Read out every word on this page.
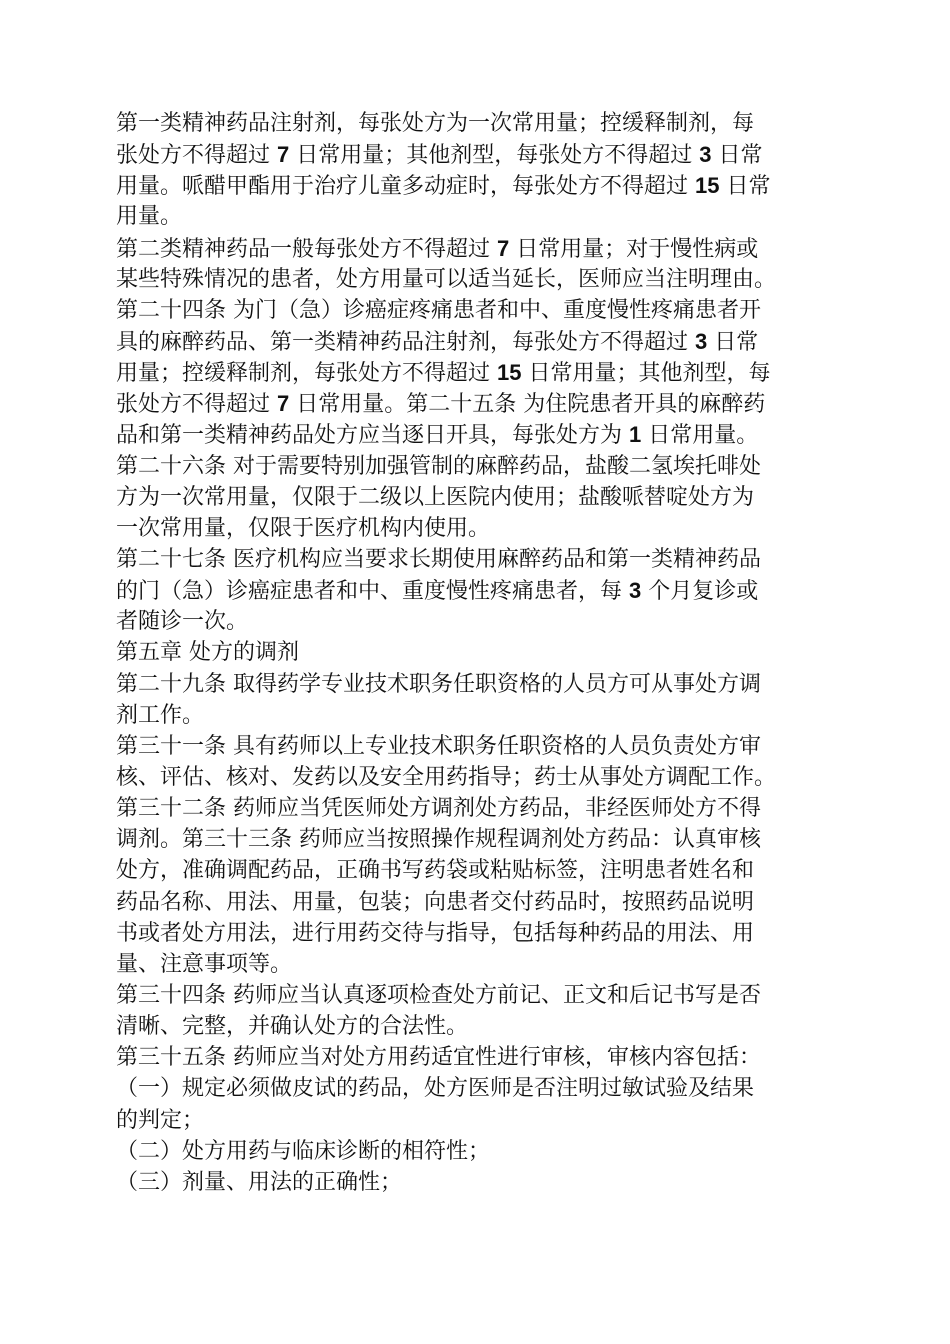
第一类精神药品注射剂，每张处方为一次常用量；控缓释制剂，每
张处方不得超过 7 日常用量；其他剂型，每张处方不得超过 3 日常
用量。哌醋甲酯用于治疗儿童多动症时，每张处方不得超过 15 日常
用量。
第二类精神药品一般每张处方不得超过 7 日常用量；对于慢性病或
某些特殊情况的患者，处方用量可以适当延长，医师应当注明理由。
第二十四条 为门（急）诊癌症疼痛患者和中、重度慢性疼痛患者开
具的麻醉药品、第一类精神药品注射剂，每张处方不得超过 3 日常
用量；控缓释制剂，每张处方不得超过 15 日常用量；其他剂型，每
张处方不得超过 7 日常用量。第二十五条 为住院患者开具的麻醉药
品和第一类精神药品处方应当逐日开具，每张处方为 1 日常用量。
第二十六条 对于需要特别加强管制的麻醉药品，盐酸二氢埃托啡处
方为一次常用量，仅限于二级以上医院内使用；盐酸哌替啶处方为
一次常用量，仅限于医疗机构内使用。
第二十七条 医疗机构应当要求长期使用麻醉药品和第一类精神药品
的门（急）诊癌症患者和中、重度慢性疼痛患者，每 3 个月复诊或
者随诊一次。
第五章 处方的调剂
第二十九条 取得药学专业技术职务任职资格的人员方可从事处方调
剂工作。
第三十一条 具有药师以上专业技术职务任职资格的人员负责处方审
核、评估、核对、发药以及安全用药指导；药士从事处方调配工作。
第三十二条 药师应当凭医师处方调剂处方药品，非经医师处方不得
调剂。第三十三条 药师应当按照操作规程调剂处方药品：认真审核
处方，准确调配药品，正确书写药袋或粘贴标签，注明患者姓名和
药品名称、用法、用量，包装；向患者交付药品时，按照药品说明
书或者处方用法，进行用药交待与指导，包括每种药品的用法、用
量、注意事项等。
第三十四条 药师应当认真逐项检查处方前记、正文和后记书写是否
清晰、完整，并确认处方的合法性。
第三十五条 药师应当对处方用药适宜性进行审核，审核内容包括：
（一）规定必须做皮试的药品，处方医师是否注明过敏试验及结果
的判定；
（二）处方用药与临床诊断的相符性；
（三）剂量、用法的正确性；
